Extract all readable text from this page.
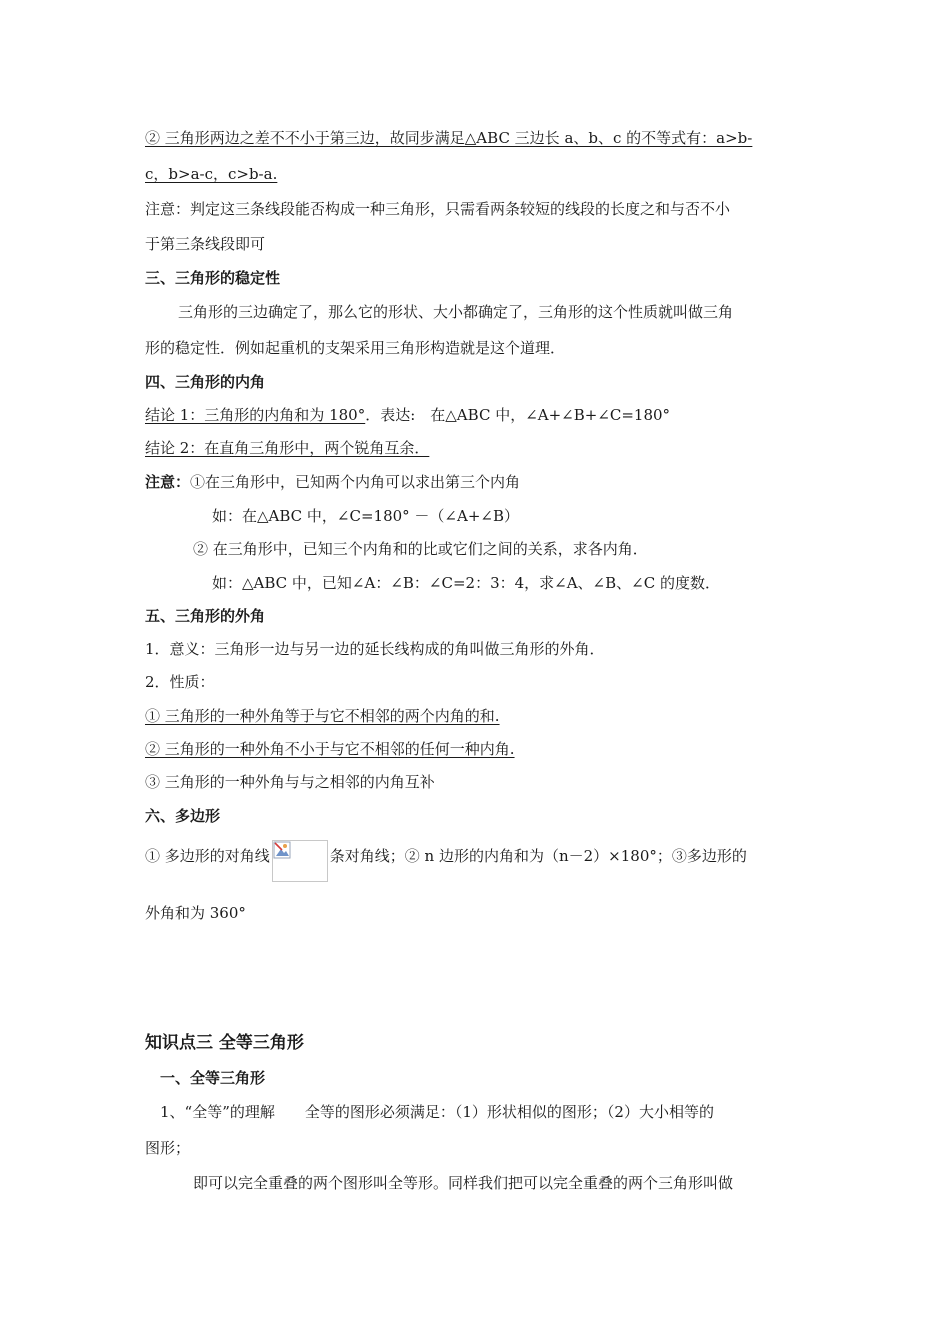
② 三角形两边之差不不小于第三边，故同步满足△ABC 三边长 a、b、c 的不等式有：a>b-
c，b>a-c，c>b-a.
注意：判定这三条线段能否构成一种三角形，只需看两条较短的线段的长度之和与否不小
于第三条线段即可
三、三角形的稳定性
三角形的三边确定了，那么它的形状、大小都确定了，三角形的这个性质就叫做三角
形的稳定性．例如起重机的支架采用三角形构造就是这个道理．
四、三角形的内角
结论 1：三角形的内角和为 180°．表达:　在△ABC 中，∠A+∠B+∠C=180°
结论 2：在直角三角形中，两个锐角互余．
注意：①在三角形中，已知两个内角可以求出第三个内角
如：在△ABC 中，∠C=180° －（∠A+∠B）
② 在三角形中，已知三个内角和的比或它们之间的关系，求各内角．
如：△ABC 中，已知∠A：∠B：∠C=2：3：4，求∠A、∠B、∠C 的度数．
五、三角形的外角
1．意义：三角形一边与另一边的延长线构成的角叫做三角形的外角．
2．性质：
① 三角形的一种外角等于与它不相邻的两个内角的和.
② 三角形的一种外角不小于与它不相邻的任何一种内角.
③ 三角形的一种外角与与之相邻的内角互补
六、多边形
① 多边形的对角线	条对角线；② n 边形的内角和为（n－2）×180°；③多边形的
外角和为 360°
知识点三 全等三角形
一、全等三角形
1、“全等”的理解　　全等的图形必须满足：（1）形状相似的图形；（2）大小相等的
图形；
即可以完全重叠的两个图形叫全等形。同样我们把可以完全重叠的两个三角形叫做
